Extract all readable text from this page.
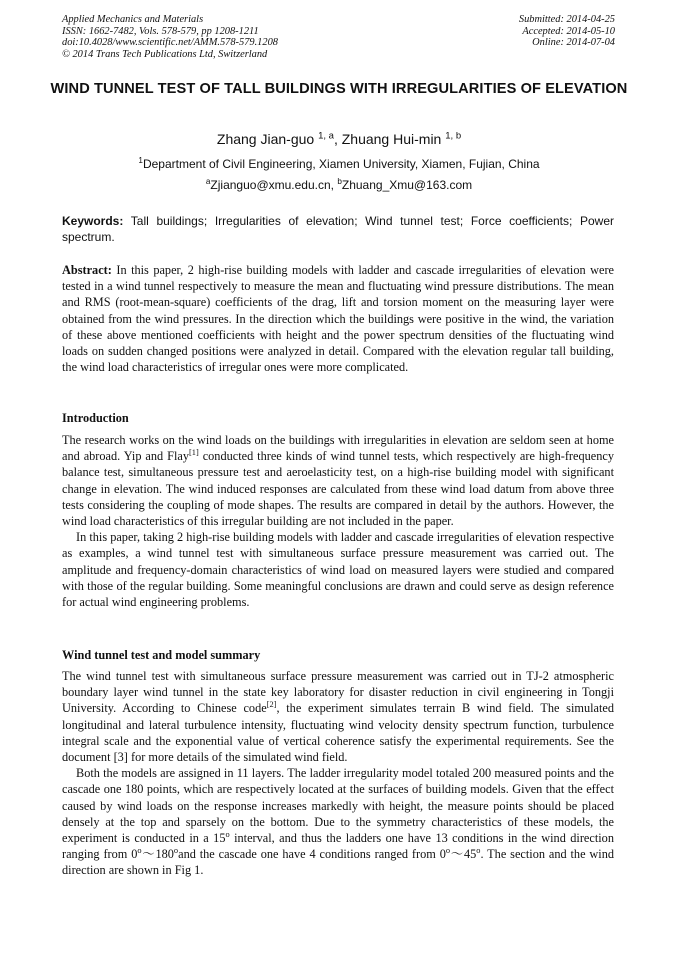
Applied Mechanics and Materials
ISSN: 1662-7482, Vols. 578-579, pp 1208-1211
doi:10.4028/www.scientific.net/AMM.578-579.1208
© 2014 Trans Tech Publications Ltd, Switzerland
Submitted: 2014-04-25
Accepted: 2014-05-10
Online: 2014-07-04
WIND TUNNEL TEST OF TALL BUILDINGS WITH IRREGULARITIES OF ELEVATION
Zhang Jian-guo $^{1, a}$, Zhuang Hui-min $^{1, b}$
$^1$Department of Civil Engineering, Xiamen University, Xiamen, Fujian, China
$^a$Zjianguo@xmu.edu.cn, $^b$Zhuang_Xmu@163.com
Keywords: Tall buildings; Irregularities of elevation; Wind tunnel test; Force coefficients; Power spectrum.
Abstract: In this paper, 2 high-rise building models with ladder and cascade irregularities of elevation were tested in a wind tunnel respectively to measure the mean and fluctuating wind pressure distributions. The mean and RMS (root-mean-square) coefficients of the drag, lift and torsion moment on the measuring layer were obtained from the wind pressures. In the direction which the buildings were positive in the wind, the variation of these above mentioned coefficients with height and the power spectrum densities of the fluctuating wind loads on sudden changed positions were analyzed in detail. Compared with the elevation regular tall building, the wind load characteristics of irregular ones were more complicated.
Introduction

The research works on the wind loads on the buildings with irregularities in elevation are seldom seen at home and abroad. Yip and Flay[1] conducted three kinds of wind tunnel tests, which respectively are high-frequency balance test, simultaneous pressure test and aeroelasticity test, on a high-rise building model with significant change in elevation. The wind induced responses are calculated from these wind load datum from above three tests considering the coupling of mode shapes. The results are compared in detail by the authors. However, the wind load characteristics of this irregular building are not included in the paper.

In this paper, taking 2 high-rise building models with ladder and cascade irregularities of elevation respective as examples, a wind tunnel test with simultaneous surface pressure measurement was carried out. The amplitude and frequency-domain characteristics of wind load on measured layers were studied and compared with those of the regular building. Some meaningful conclusions are drawn and could serve as design reference for actual wind engineering problems.

Wind tunnel test and model summary

The wind tunnel test with simultaneous surface pressure measurement was carried out in TJ-2 atmospheric boundary layer wind tunnel in the state key laboratory for disaster reduction in civil engineering in Tongji University. According to Chinese code[2], the experiment simulates terrain B wind field. The simulated longitudinal and lateral turbulence intensity, fluctuating wind velocity density spectrum function, turbulence integral scale and the exponential value of vertical coherence satisfy the experimental requirements. See the document [3] for more details of the simulated wind field.

Both the models are assigned in 11 layers. The ladder irregularity model totaled 200 measured points and the cascade one 180 points, which are respectively located at the surfaces of building models. Given that the effect caused by wind loads on the response increases markedly with height, the measure points should be placed densely at the top and sparsely on the bottom. Due to the symmetry characteristics of these models, the experiment is conducted in a 15$^o$ interval, and thus the ladders one have 13 conditions in the wind direction ranging from 0$^o$～180$^o$and the cascade one have 4 conditions ranged from 0$^o$～45$^o$. The section and the wind direction are shown in Fig 1.
